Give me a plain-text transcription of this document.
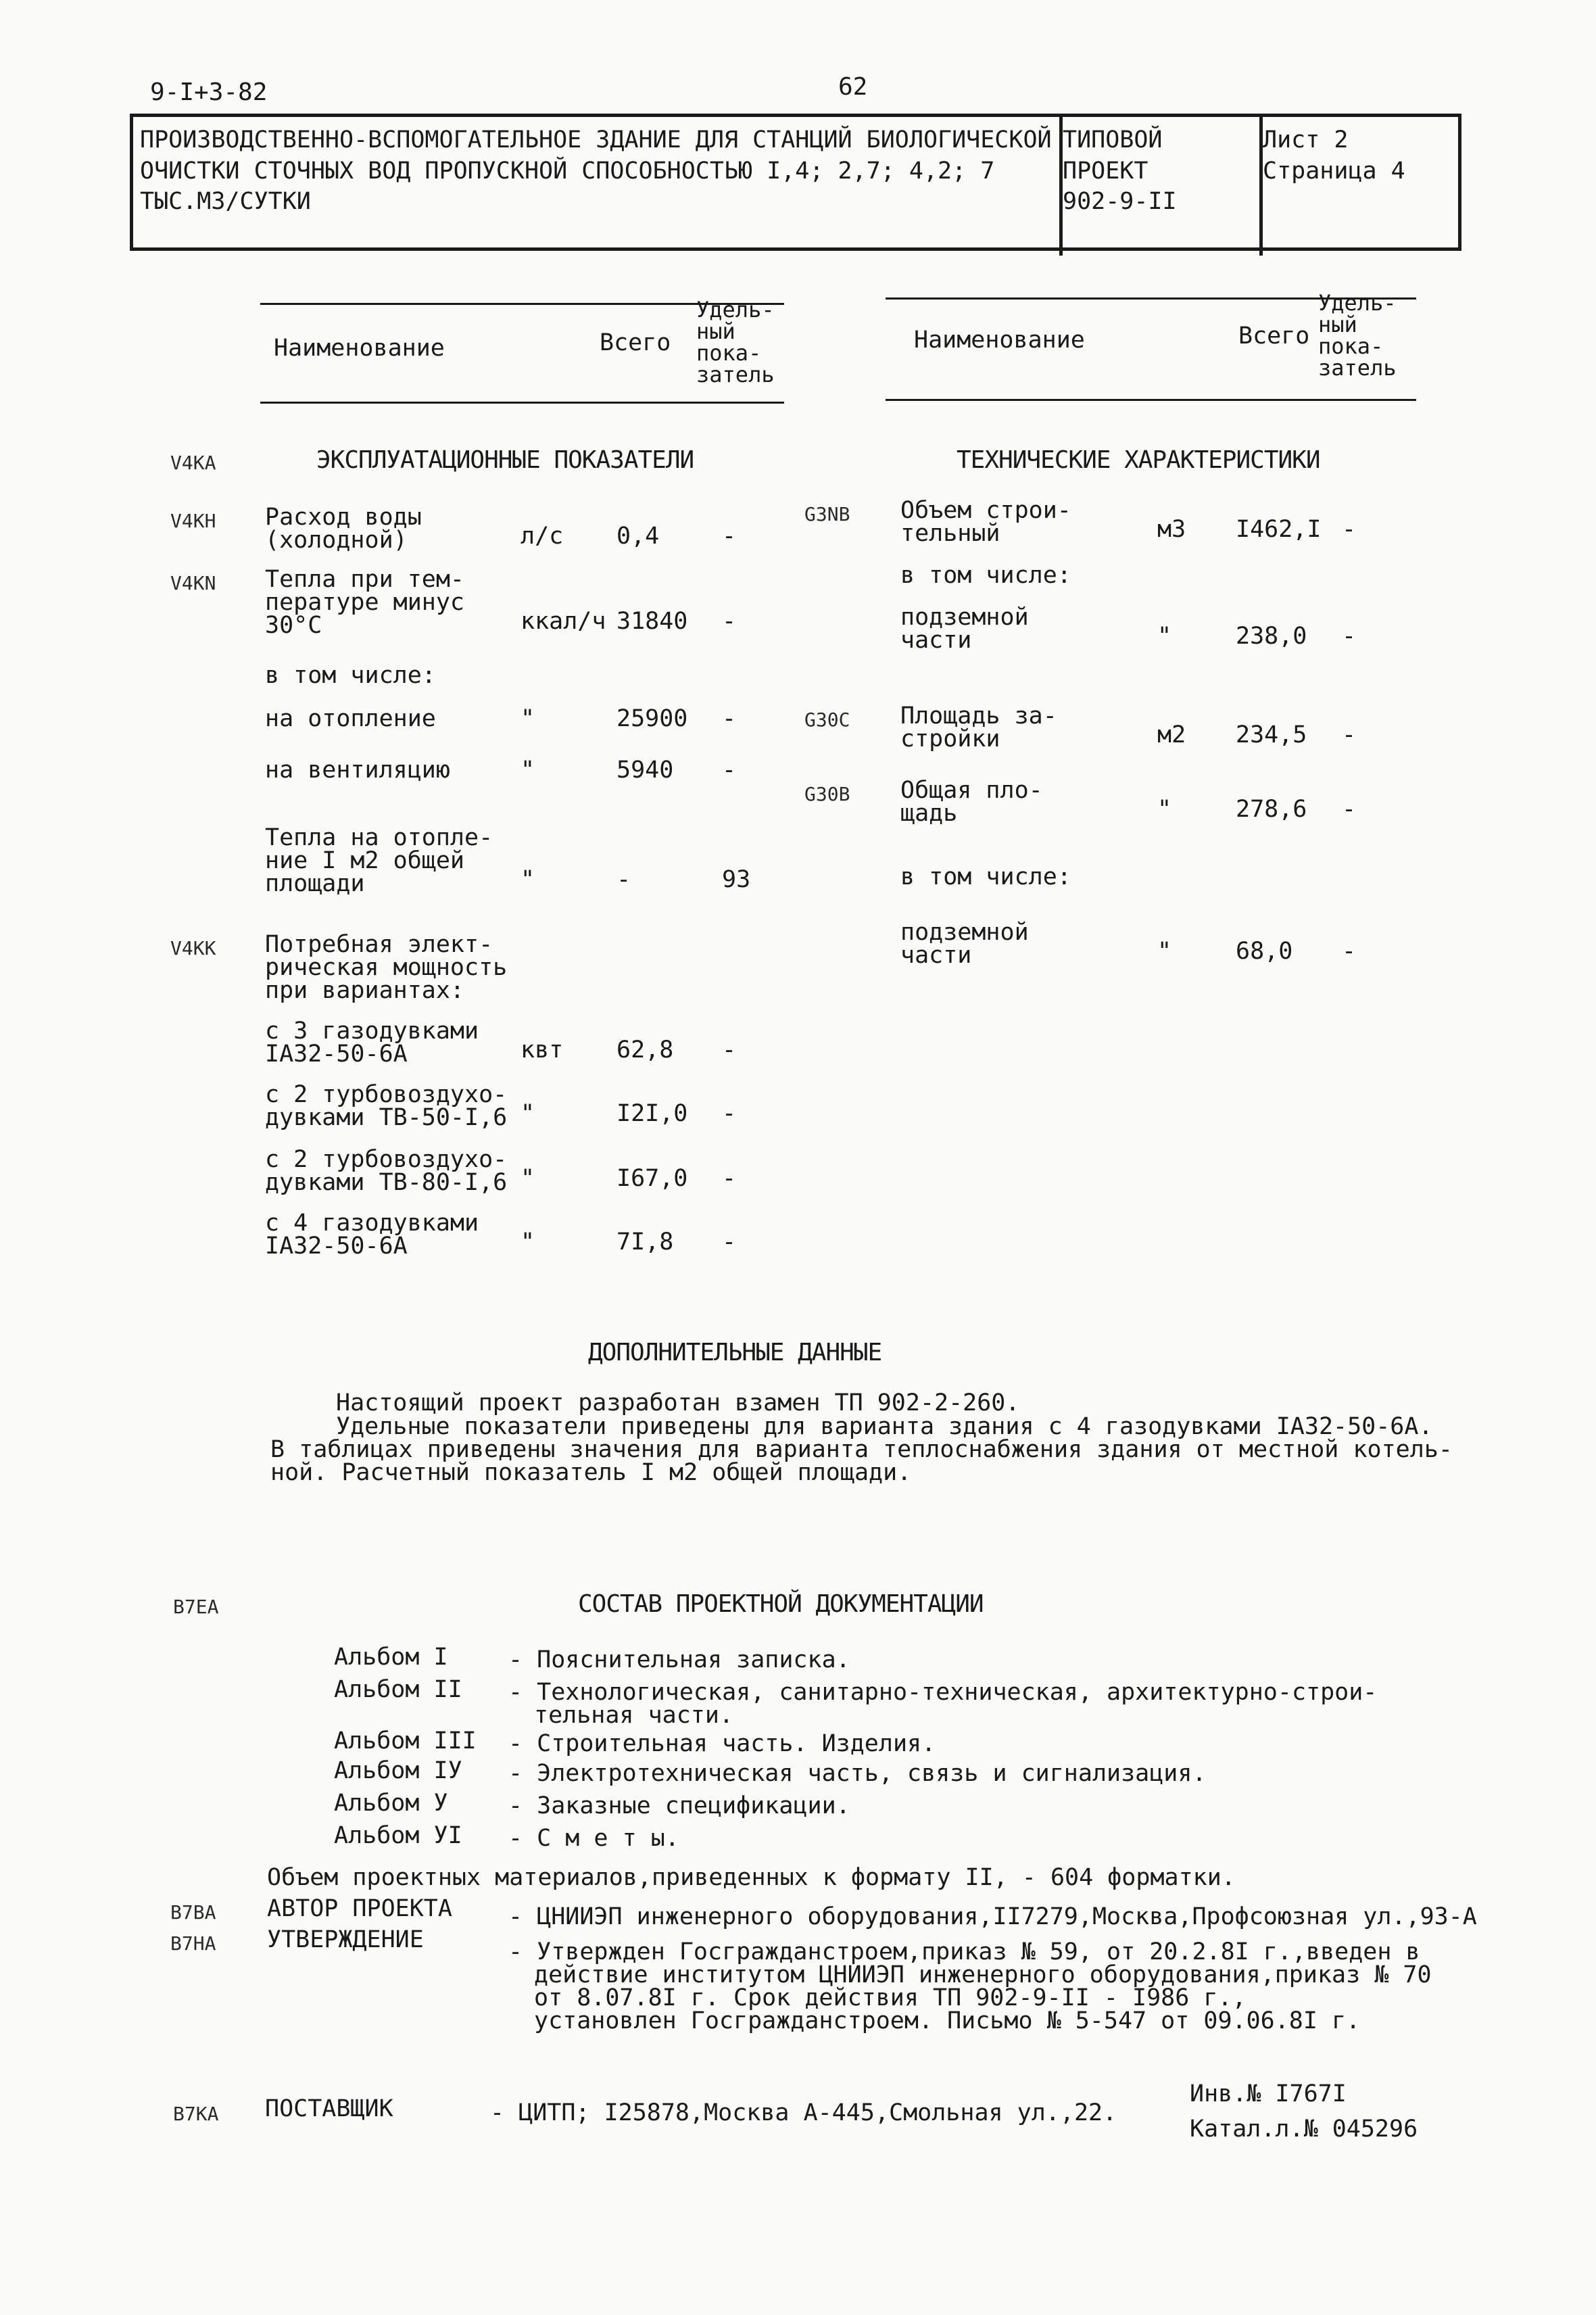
9-I+3-82	62
ПРОИЗВОДСТВЕННО-ВСПОМОГАТЕЛЬНОЕ ЗДАНИЕ ДЛЯ СТАНЦИЙ БИОЛОГИЧЕСКОЙ
ОЧИСТКИ СТОЧНЫХ ВОД ПРОПУСКНОЙ СПОСОБНОСТЬЮ I,4; 2,7; 4,2; 7
ТЫС.М3/СУТКИ
ТИПОВОЙ ПРОЕКТ
902-9-II
Лист 2
Страница 4
Наименование	Всего
Удель-
ный
пока-
затель
Наименование	Всего
Удель-
ный
пока-
затель
V4KA	ЭКСПЛУАТАЦИОННЫЕ ПОКАЗАТЕЛИ	ТЕХНИЧЕСКИЕ ХАРАКТЕРИСТИКИ
V4KH Расход воды
(холодной)	л/с 0,4	-
V4KN Тепла при тем-
пературе минус
30°C	ккал/ч 31840 -
в том числе:
на отопление	"	25900 -
на вентиляцию	"	5940 -
Тепла на отопле-
ние I м2 общей
площади	"	-	93
V4KK Потребная элект-
рическая мощность
при вариантах:
с 3 газодувками
IA32-50-6A	квт 62,8 -
с 2 турбовоздухо-
дувками ТВ-50-I,6 "	I2I,0 -
с 2 турбовоздухо-
дувками ТВ-80-I,6 "	I67,0 -
с 4 газодувками
IA32-50-6A	"	7I,8 -
G3NB Объем строи-
тельный	м3 I462,I -
в том числе:
подземной
части	"	238,0 -
G30C Площадь за-
стройки	м2 234,5 -
G30B Общая пло-
щадь	"	278,6 -
в том числе:
подземной
части	"	68,0 -
ДОПОЛНИТЕЛЬНЫЕ ДАННЫЕ
Настоящий проект разработан взамен ТП 902-2-260.
Удельные показатели приведены для варианта здания с 4 газодувками IA32-50-6A.
В таблицах приведены значения для варианта теплоснабжения здания от местной котель-
ной. Расчетный показатель I м2 общей площади.
B7EA	СОСТАВ ПРОЕКТНОЙ ДОКУМЕНТАЦИИ
Альбом I	- Пояснительная записка.
Альбом II - Технологическая, санитарно-техническая, архитектурно-строи-
тельная части.
Альбом III - Строительная часть. Изделия.
Альбом IУ - Электротехническая часть, связь и сигнализация.
Альбом У	- Заказные спецификации.
Альбом УI - С м е т ы.
Объем проектных материалов,приведенных к формату II, - 604 форматки.
B7BA АВТОР ПРОЕКТА - ЦНИИЭП инженерного оборудования,II7279,Москва,Профсоюзная ул.,93-А
B7HA УТВЕРЖДЕНИЕ	- Утвержден Госгражданстроем,приказ № 59, от 20.2.8I г.,введен в
действие институтом ЦНИИЭП инженерного оборудования,приказ № 70
от 8.07.8I г. Срок действия ТП 902-9-II - I986 г.,
установлен Госгражданстроем. Письмо № 5-547 от 09.06.8I г.
B7KA ПОСТАВЩИК	- ЦИТП; I25878,Москва А-445,Смольная ул.,22.
Инв.№ I767I
Катал.л.№ 045296
